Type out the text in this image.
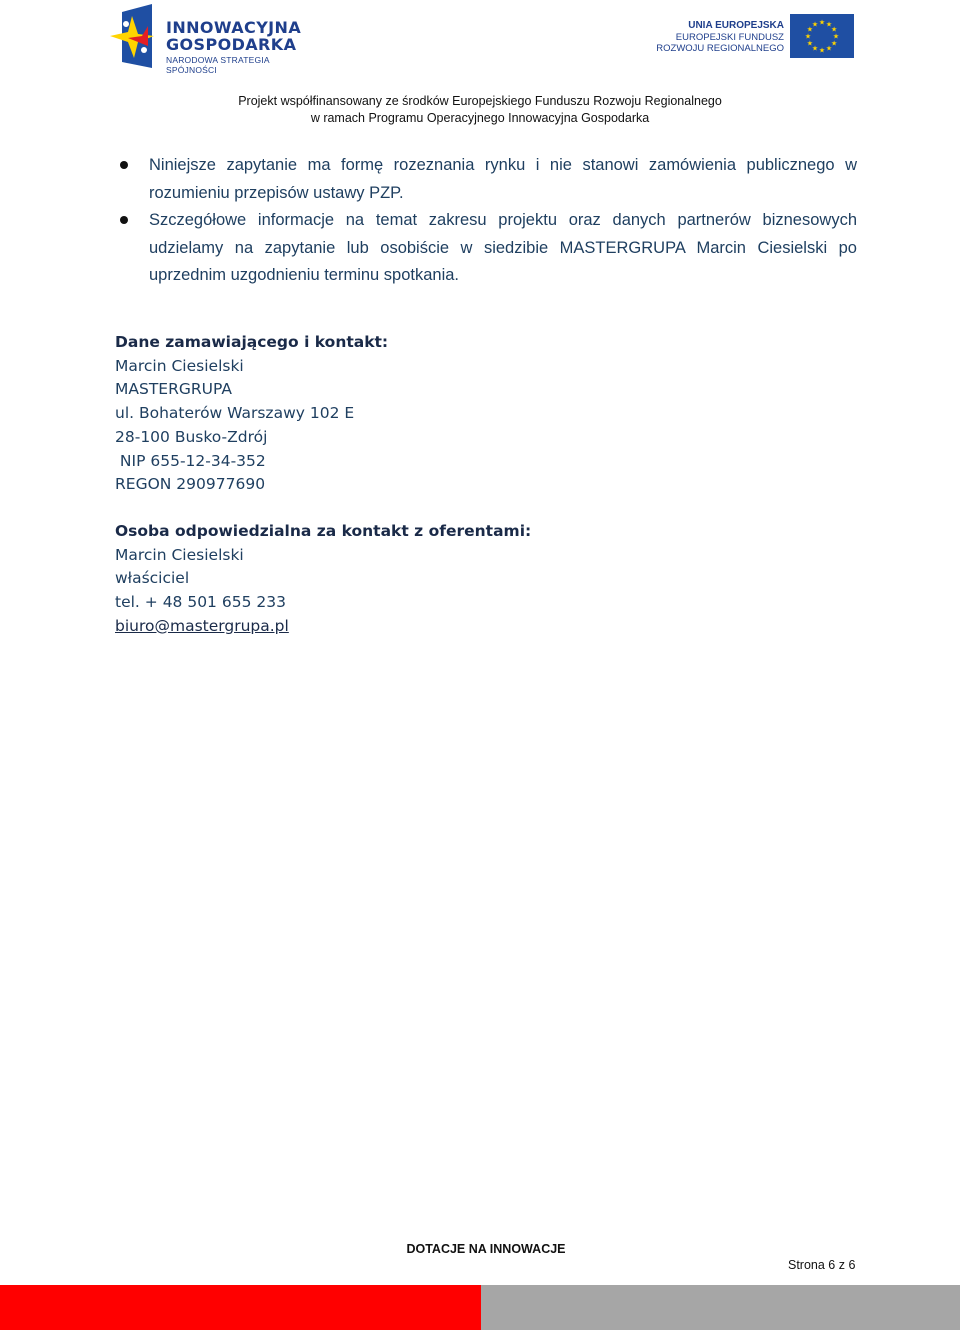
INNOWACYJNA
GOSPODARKA
NARODOWA STRATEGIA SPÓJNOŚCI
UNIA EUROPEJSKA
EUROPEJSKI FUNDUSZ
ROZWOJU REGIONALNEGO
★ ★
★
★
★
★
★
★
★
★
★
★
Projekt współfinansowany ze środków Europejskiego Funduszu Rozwoju Regionalnego
w ramach Programu Operacyjnego Innowacyjna Gospodarka

Niniejsze zapytanie ma formę rozeznania rynku i nie stanowi zamówienia publicznego w rozumieniu przepisów ustawy PZP.

Szczegółowe informacje na temat zakresu projektu oraz danych partnerów biznesowych udzielamy na zapytanie lub osobiście w siedzibie MASTERGRUPA Marcin Ciesielski po uprzednim uzgodnieniu terminu spotkania.

Dane zamawiającego i kontakt:
Marcin Ciesielski
MASTERGRUPA
ul. Bohaterów Warszawy 102 E
28-100 Busko-Zdrój
NIP 655-12-34-352
REGON 290977690
Osoba odpowiedzialna za kontakt z oferentami:
Marcin Ciesielski
właściciel
tel. + 48 501 655 233
biuro@mastergrupa.pl
DOTACJE NA INNOWACJE
Strona 6 z 6
